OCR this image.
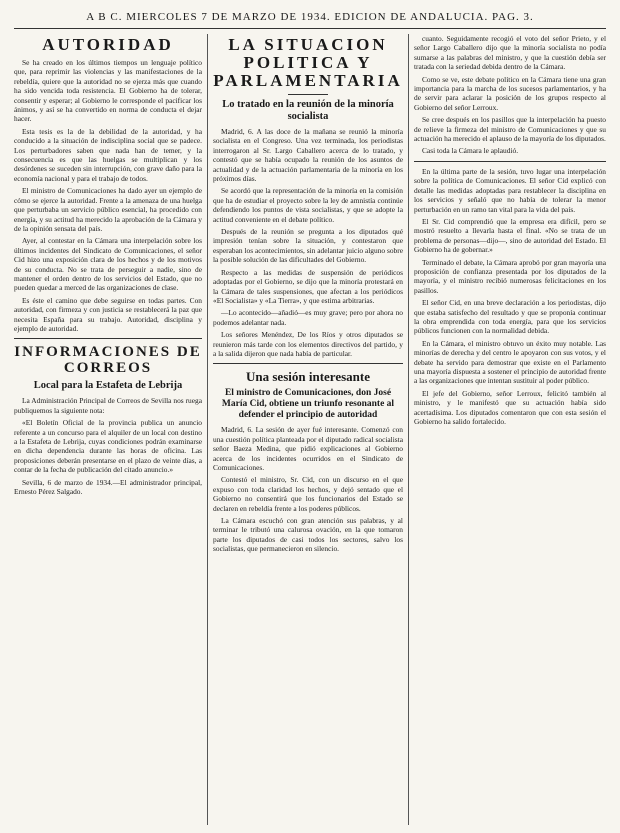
A B C. MIERCOLES 7 DE MARZO DE 1934. EDICION DE ANDALUCIA. PAG. 3.
AUTORIDAD

Se ha creado en los últimos tiempos un lenguaje político que, para reprimir las violencias y las manifestaciones de la rebeldía, quiere que la autoridad no se ejerza más que cuando ha sido vencida toda resistencia. El Gobierno ha de tolerar, consentir y esperar; al Gobierno le corresponde el pacificar los ánimos, y así se ha convertido en norma de conducta el dejar hacer.

Esta tesis es la de la debilidad de la autoridad, y ha conducido a la situación de indisciplina social que se padece. Los perturbadores saben que nada han de temer, y la consecuencia es que las huelgas se multiplican y los desórdenes se suceden sin interrupción, con grave daño para la economía nacional y para el trabajo de todos.

El ministro de Comunicaciones ha dado ayer un ejemplo de cómo se ejerce la autoridad. Frente a la amenaza de una huelga que perturbaba un servicio público esencial, ha procedido con energía, y su actitud ha merecido la aprobación de la Cámara y de la opinión sensata del país.

Ayer, al contestar en la Cámara una interpelación sobre los últimos incidentes del Sindicato de Comunicaciones, el señor Cid hizo una exposición clara de los hechos y de los motivos de su conducta. No se trata de perseguir a nadie, sino de mantener el orden dentro de los servicios del Estado, que no pueden quedar a merced de las organizaciones de clase.

Es éste el camino que debe seguirse en todas partes. Con autoridad, con firmeza y con justicia se restablecerá la paz que necesita España para su trabajo. Autoridad, disciplina y ejemplo de autoridad.

INFORMACIONES DE CORREOS
Local para la Estafeta de Lebrija

La Administración Principal de Correos de Sevilla nos ruega publiquemos la siguiente nota:

«El Boletín Oficial de la provincia publica un anuncio referente a un concurso para el alquiler de un local con destino a la Estafeta de Lebrija, cuyas condiciones podrán examinarse en dicha dependencia durante las horas de oficina. Las proposiciones deberán presentarse en el plazo de veinte días, a contar de la fecha de publicación del citado anuncio.»

Sevilla, 6 de marzo de 1934.—El administrador principal, Ernesto Pérez Salgado.

LA SITUACION POLITICA Y PARLAMENTARIA
Lo tratado en la reunión de la minoría socialista

Madrid, 6. A las doce de la mañana se reunió la minoría socialista en el Congreso. Una vez terminada, los periodistas interrogaron al Sr. Largo Caballero acerca de lo tratado, y contestó que se había ocupado la reunión de los asuntos de actualidad y de la actuación parlamentaria de la minoría en los próximos días.

Se acordó que la representación de la minoría en la comisión que ha de estudiar el proyecto sobre la ley de amnistía continúe defendiendo los puntos de vista socialistas, y que se adopte la actitud conveniente en el debate político.

Después de la reunión se pregunta a los diputados qué impresión tenían sobre la situación, y contestaron que esperaban los acontecimientos, sin adelantar juicio alguno sobre la posible solución de las dificultades del Gobierno.

Respecto a las medidas de suspensión de periódicos adoptadas por el Gobierno, se dijo que la minoría protestará en la Cámara de tales suspensiones, que afectan a los periódicos «El Socialista» y «La Tierra», y que estima arbitrarias.

—Lo acontecido—añadió—es muy grave; pero por ahora no podemos adelantar nada.

Los señores Menéndez, De los Ríos y otros diputados se reunieron más tarde con los elementos directivos del partido, y a la salida dijeron que nada había de particular.

Una sesión interesante
El ministro de Comunicaciones, don José María Cid, obtiene un triunfo resonante al defender el principio de autoridad

Madrid, 6. La sesión de ayer fué interesante. Comenzó con una cuestión política planteada por el diputado radical socialista señor Baeza Medina, que pidió explicaciones al Gobierno acerca de los incidentes ocurridos en el Sindicato de Comunicaciones.

Contestó el ministro, Sr. Cid, con un discurso en el que expuso con toda claridad los hechos, y dejó sentado que el Gobierno no consentirá que los funcionarios del Estado se declaren en rebeldía frente a los poderes públicos.

La Cámara escuchó con gran atención sus palabras, y al terminar le tributó una calurosa ovación, en la que tomaron parte los diputados de casi todos los sectores, salvo los socialistas, que permanecieron en silencio.

cuanto. Seguidamente recogió el voto del señor Prieto, y el señor Largo Caballero dijo que la minoría socialista no podía sumarse a las palabras del ministro, y que la cuestión debía ser tratada con la seriedad debida dentro de la Cámara.

Como se ve, este debate político en la Cámara tiene una gran importancia para la marcha de los sucesos parlamentarios, y ha de servir para aclarar la posición de los grupos respecto al Gobierno del señor Lerroux.

Se cree después en los pasillos que la interpelación ha puesto de relieve la firmeza del ministro de Comunicaciones y que su actuación ha merecido el aplauso de la mayoría de los diputados.

Casi toda la Cámara le aplaudió.

En la última parte de la sesión, tuvo lugar una interpelación sobre la política de Comunicaciones. El señor Cid explicó con detalle las medidas adoptadas para restablecer la disciplina en los servicios y señaló que no había de tolerar la menor perturbación en un ramo tan vital para la vida del país.

El Sr. Cid comprendió que la empresa era difícil, pero se mostró resuelto a llevarla hasta el final. «No se trata de un problema de personas—dijo—, sino de autoridad del Estado. El Gobierno ha de gobernar.»

Terminado el debate, la Cámara aprobó por gran mayoría una proposición de confianza presentada por los diputados de la mayoría, y el ministro recibió numerosas felicitaciones en los pasillos.

El señor Cid, en una breve declaración a los periodistas, dijo que estaba satisfecho del resultado y que se proponía continuar la obra emprendida con toda energía, para que los servicios públicos funcionen con la normalidad debida.

En la Cámara, el ministro obtuvo un éxito muy notable. Las minorías de derecha y del centro le apoyaron con sus votos, y el debate ha servido para demostrar que existe en el Parlamento una mayoría dispuesta a sostener el principio de autoridad frente a las organizaciones que intentan sustituir al poder público.

El jefe del Gobierno, señor Lerroux, felicitó también al ministro, y le manifestó que su actuación había sido acertadísima. Los diputados comentaron que con esta sesión el Gobierno ha salido fortalecido.
